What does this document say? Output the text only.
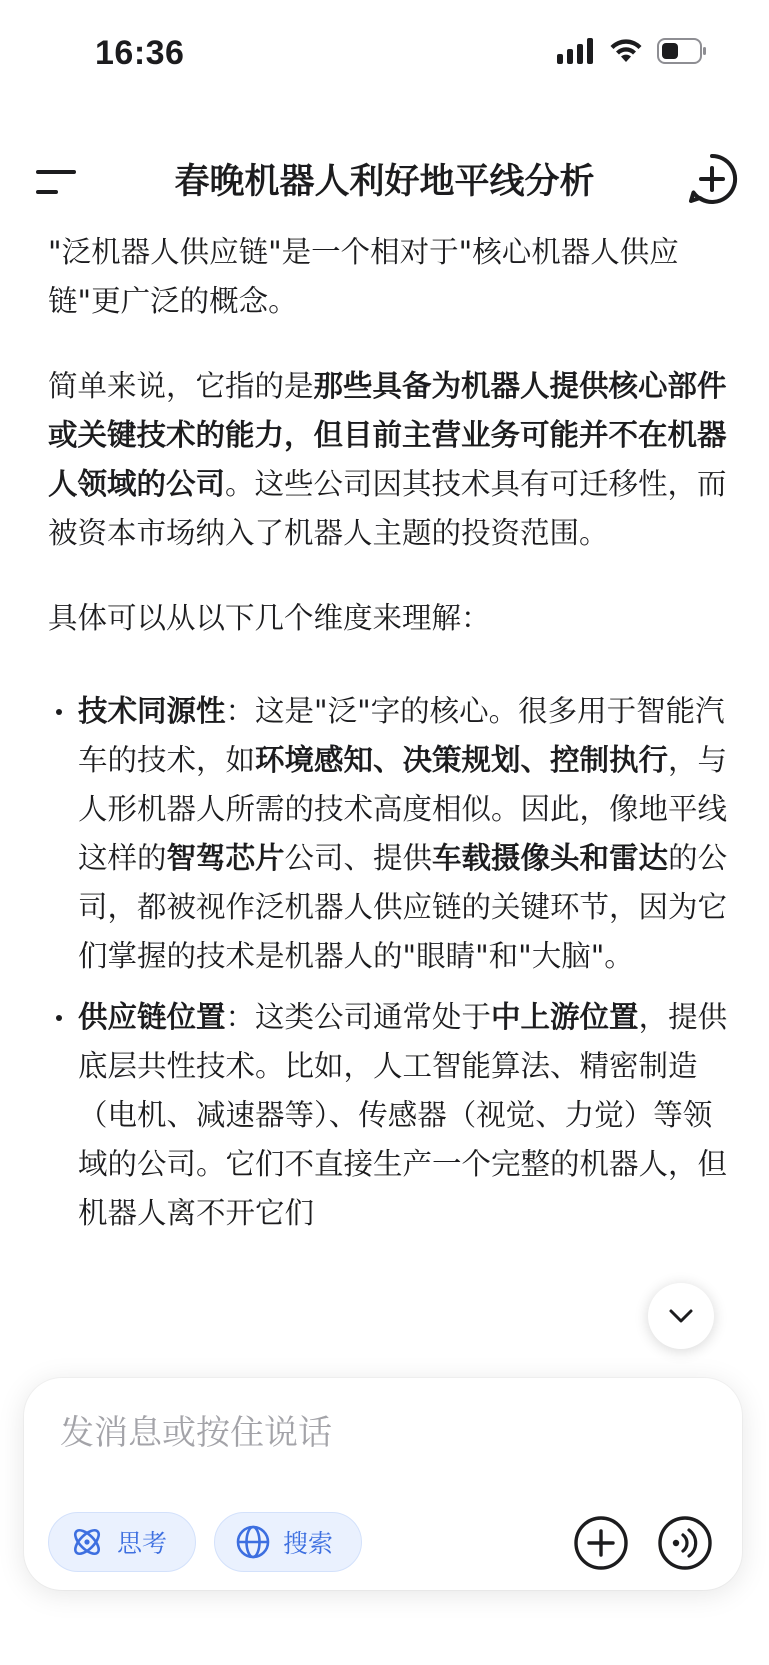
16:36
春晚机器人利好地平线分析

"泛机器人供应链"是一个相对于"核心机器人供应链"更广泛的概念。

简单来说，它指的是那些具备为机器人提供核心部件或关键技术的能力，但目前主营业务可能并不在机器人领域的公司。这些公司因其技术具有可迁移性，而被资本市场纳入了机器人主题的投资范围。

具体可以从以下几个维度来理解：

技术同源性：这是"泛"字的核心。很多用于智能汽车的技术，如环境感知、决策规划、控制执行，与人形机器人所需的技术高度相似。因此，像地平线这样的智驾芯片公司、提供车载摄像头和雷达的公司，都被视作泛机器人供应链的关键环节，因为它们掌握的技术是机器人的"眼睛"和"大脑"。
供应链位置：这类公司通常处于中上游位置，提供底层共性技术。比如，人工智能算法、精密制造（电机、减速器等）、传感器（视觉、力觉）等领域的公司。它们不直接生产一个完整的机器人，但机器人离不开它们
发消息或按住说话
思考	搜索
